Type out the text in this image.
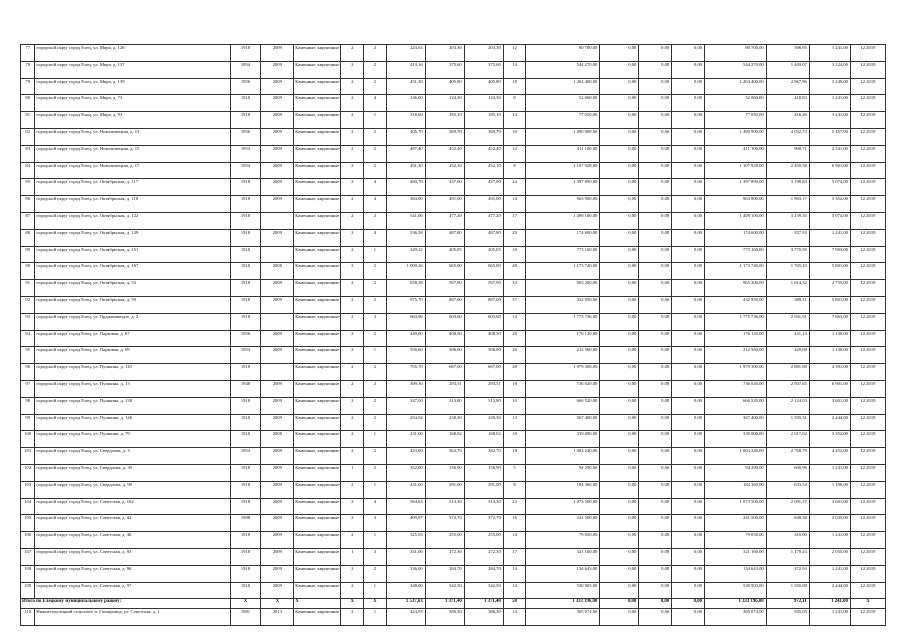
77	городской округ город Елец, ул. Мира, д. 126	1918	2009	Каменные, кирпичные	2	2	223,63	203,30	203,30	12	80 700,00	0,00	0,00	0,00	80 700,00	396,95	1 241,00	12.2019
78	городской округ город Елец, ул. Мира, д. 137	1954	2009	Каменные, кирпичные	2	2	413,16	375,60	375,60	14	544 270,00	0,00	0,00	0,00	544 270,00	1 449,07	3 124,00	12.2019
79	городской округ город Елец, ул. Мира, д. 139	1956	2009	Каменные, кирпичные	2	2	451,30	405,80	405,80	18	1 204 400,00	0,00	0,00	0,00	1 204 400,00	2 967,96	3 249,00	12.2019
80	городской округ город Елец, ул. Мира, д. 73	1918	2009	Каменные, кирпичные	2	4	136,00	124,30	124,30	8	52 060,00	0,00	0,00	0,00	52 060,00	418,83	1 241,00	12.2019
81	городской округ город Елец, ул. Мира, д. 93	1918	2009	Каменные, кирпичные	2	1	318,60	185,10	185,10	14	77 050,00	0,00	0,00	0,00	77 050,00	416,26	1 241,00	12.2019
82	городской округ город Елец, ул. Новолипецкая, д. 13	1956	2009	Каменные, кирпичные	2	2	405,70	369,70	369,70	10	1 490 900,00	0,00	0,00	0,00	1 490 900,00	4 032,73	5 457,00	12.2019
83	городской округ город Елец, ул. Новолипецкая, д. 15	1953	2009	Каменные, кирпичные	2	2	487,40	452,40	452,40	12	411 100,00	0,00	0,00	0,00	411 100,00	908,71	2 341,00	12.2019
84	городской округ город Елец, ул. Новолипецкая, д. 17	1954	2009	Каменные, кирпичные	2	2	491,30	452,10	452,10	8	1 107 928,00	0,00	0,00	0,00	1 107 928,00	2 450,58	6 901,00	12.2019
85	городской округ город Елец, ул. Октябрьская, д. 117	1918	2009	Каменные, кирпичные	2	4	480,70	437,00	437,00	24	1 397 890,00	0,00	0,00	0,00	1 397 890,00	3 198,83	5 074,00	12.2019
86	городской округ город Елец, ул. Октябрьская, д. 118	1918	2009	Каменные, кирпичные	2	4	384,00	491,00	491,00	14	963 900,00	0,00	0,00	0,00	963 900,00	1 963,17	3 352,00	12.2019
87	городской округ город Елец, ул. Октябрьская, д. 122	1918		Каменные, кирпичные	2	2	541,00	477,20	477,20	17	1 498 100,00	0,00	0,00	0,00	1 498 100,00	3 139,35	5 074,00	12.2019
88	городской округ город Елец, ул. Октябрьская, д. 129	1918	2009	Каменные, кирпичные	2	4	536,58	487,80	487,80	29	174 600,00	0,00	0,00	0,00	174 600,00	357,93	1 241,00	12.2019
89	городской округ город Елец, ул. Октябрьская, д. 151	1918		Каменные, кирпичные	2	1	329,22	205,05	205,05	10	773 160,00	0,00	0,00	0,00	773 160,00	3 770,59	7 903,00	12.2019
90	городской округ город Елец, ул. Октябрьская, д. 167	1918	2008	Каменные, кирпичные	3	2	1 009,26	665,00	665,00	48	1 173 740,00	0,00	0,00	0,00	1 173 740,00	1 765,10	5 801,00	12.2019
91	городской округ город Елец, ул. Октябрьская, д. 33	1918	2009	Каменные, кирпичные	2	2	658,38	597,90	597,90	33	965 200,00	0,00	0,00	0,00	965 200,00	1 614,32	2 755,00	12.2019
92	городской округ город Елец, ул. Октябрьская, д. 59	1918	2009	Каменные, кирпичные	2	2	975,70	887,00	887,00	37	432 950,00	0,00	0,00	0,00	432 950,00	488,11	5 801,00	12.2019
93	городской округ город Елец, ул. Орджоникидзе, д. 2	1918		Каменные, кирпичные	2	3	663,96	603,60	603,60	14	1 775 736,00	0,00	0,00	0,00	1 775 736,00	2 941,91	7 663,00	12.2019
94	городской округ город Елец, ул. Парковая, д. 67	1956	2009	Каменные, кирпичные	2	2	449,00	408,50	408,50	20	176 120,00	0,00	0,00	0,00	176 120,00	431,14	1 130,00	12.2019
95	городской округ город Елец, ул. Парковая, д. 69	1953	2009	Каменные, кирпичные	2	1	556,60	506,00	506,00	26	212 560,00	0,00	0,00	0,00	212 560,00	420,08	1 130,00	12.2019
96	городской округ город Елец, ул. Пушкина, д. 110	1918		Каменные, кирпичные	2	2	755,70	687,00	687,00	28	1 979 300,00	0,00	0,00	0,00	1 979 300,00	2 881,08	4 391,00	12.2019
97	городской округ город Елец, ул. Пушкина, д. 13	1948	2009	Каменные, кирпичные	2	2	399,10	293,51	293,51	18	736 020,00	0,00	0,00	0,00	736 020,00	2 507,65	6 901,00	12.2019
98	городской округ город Елец, ул. Пушкина, д. 138	1918	2009	Каменные, кирпичные	2	2	347,00	313,80	313,80	10	666 520,00	0,00	0,00	0,00	666 520,00	2 124,03	3 601,00	12.2019
99	городской округ город Елец, ул. Пушкина, д. 146	1918	2009	Каменные, кирпичные	2	2	254,02	230,30	230,30	13	367 400,00	0,00	0,00	0,00	367 400,00	1 595,31	2 444,00	12.2019
100	городской округ город Елец, ул. Пушкина, д. 79	1918	2008	Каменные, кирпичные	2	1	231,00	168,02	168,02	10	339 000,00	0,00	0,00	0,00	339 000,00	2 017,62	3 352,00	12.2019
101	городской округ город Елец, ул. Свердлова, д. 3	1954	2009	Каменные, кирпичные	2	2	423,00	362,70	362,70	18	1 004 240,00	0,00	0,00	0,00	1 004 240,00	2 768,79	4 452,00	12.2019
102	городской округ город Елец, ул. Свердлова, д. 30	1918	2009	Каменные, кирпичные	1	2	352,00	156,90	156,90	5	94 290,00	0,00	0,00	0,00	94 290,00	600,96	1 241,00	12.2019
103	городской округ город Елец, ул. Свердлова, д. 99	1918	2009	Каменные, кирпичные	2	1	431,00	291,00	291,00	8	184 360,00	0,00	0,00	0,00	184 360,00	633,54	1 190,00	12.2019
104	городской округ город Елец, ул. Советская, д. 102	1918	2009	Каменные, кирпичные	2	4	564,63	513,30	513,30	23	1 073 500,00	0,00	0,00	0,00	1 073 500,00	2 091,37	3 601,00	12.2019
105	городской округ город Елец, ул. Советская, д. 42	1908	2009	Каменные, кирпичные	2	3	409,97	372,70	372,70	16	241 500,00	0,00	0,00	0,00	241 500,00	648,38	2 035,00	12.2019
106	городской округ город Елец, ул. Советская, д. 46	1918	2009	Каменные, кирпичные	2	1	325,03	255,00	255,00	14	79 050,00	0,00	0,00	0,00	79 050,00	310,00	1 241,00	12.2019
107	городской округ город Елец, ул. Советская, д. 93	1918	2009	Каменные, кирпичные	1	3	331,00	272,30	272,30	17	321 160,00	0,00	0,00	0,00	321 160,00	1 179,43	2 035,00	12.2019
108	городской округ город Елец, ул. Советская, д. 96	1918	2009	Каменные, кирпичные	2	2	336,00	284,70	284,70	14	134 643,00	0,00	0,00	0,00	134 643,00	472,93	1 241,00	12.2019
109	городской округ город Елец, ул. Советская, д. 97	1918	2009	Каменные, кирпичные	2	1	348,00	342,50	342,50	14	530 903,00	0,00	0,00	0,00	530 903,00	1 550,08	2 444,00	12.2019
Итого по Елецкому муниципальному району:		X	X	X	X	X	1 537,63	1 371,40	1 371,40	58	1 333 196,00	0,00	0,00	0,00	1 333 196,00	972,11	1 241,00	X
110	Нижнеседелецкий сельсовет, п. Газопровод, ул. Советская, д. 1	1981	2013	Каменные, кирпичные	2	1	424,93	386,30	386,30	14	365 074,00	0,00	0,00	0,00	365 074,00	945,05	1 241,00	12.2019
